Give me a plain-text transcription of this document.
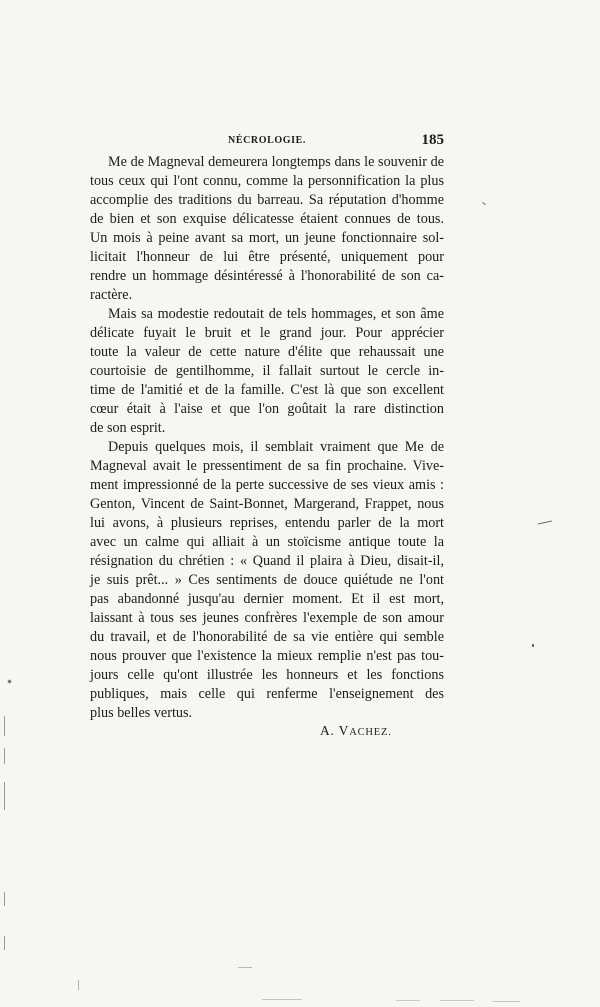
NÉCROLOGIE.	185
Me de Magneval demeurera longtemps dans le souvenir de
tous ceux qui l'ont connu, comme la personnification la plus
accomplie des traditions du barreau. Sa réputation d'homme
de bien et son exquise délicatesse étaient connues de tous.
Un mois à peine avant sa mort, un jeune fonctionnaire sol-
licitait l'honneur de lui être présenté, uniquement pour
rendre un hommage désintéressé à l'honorabilité de son ca-
ractère.
Mais sa modestie redoutait de tels hommages, et son âme
délicate fuyait le bruit et le grand jour. Pour apprécier
toute la valeur de cette nature d'élite que rehaussait une
courtoisie de gentilhomme, il fallait surtout le cercle in-
time de l'amitié et de la famille. C'est là que son excellent
cœur était à l'aise et que l'on goûtait la rare distinction
de son esprit.
Depuis quelques mois, il semblait vraiment que Me de
Magneval avait le pressentiment de sa fin prochaine. Vive-
ment impressionné de la perte successive de ses vieux amis :
Genton, Vincent de Saint-Bonnet, Margerand, Frappet, nous
lui avons, à plusieurs reprises, entendu parler de la mort
avec un calme qui alliait à un stoïcisme antique toute la
résignation du chrétien : « Quand il plaira à Dieu, disait-il,
je suis prêt... » Ces sentiments de douce quiétude ne l'ont
pas abandonné jusqu'au dernier moment. Et il est mort,
laissant à tous ses jeunes confrères l'exemple de son amour
du travail, et de l'honorabilité de sa vie entière qui semble
nous prouver que l'existence la mieux remplie n'est pas tou-
jours celle qu'ont illustrée les honneurs et les fonctions
publiques, mais celle qui renferme l'enseignement des
plus belles vertus.
A. VACHEZ.
